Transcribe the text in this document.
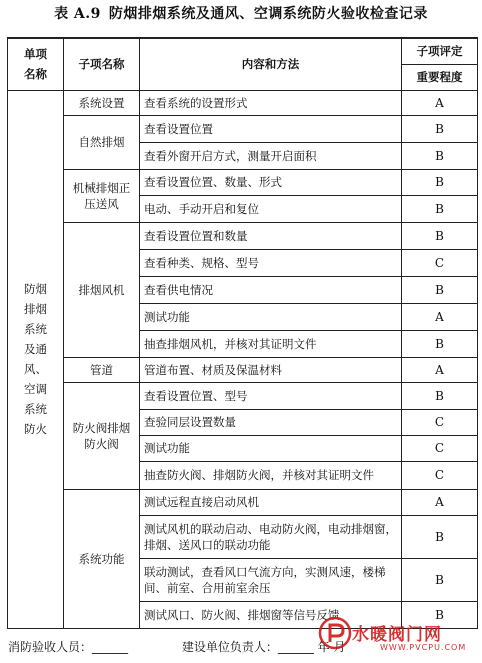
表 A.9 防烟排烟系统及通风、空调系统防火验收检查记录
单项名称	子项名称	内容和方法	子项评定
			重要程度

防烟排烟系统及通风、空调系统防火	系统设置	查看系统的设置形式	A
	自然排烟	查看设置位置	B
		查看外窗开启方式，测量开启面积	B
	机械排烟正压送风	查看设置位置、数量、形式	B
		电动、手动开启和复位	B
	排烟风机	查看设置位置和数量	B
		查看种类、规格、型号	C
		查看供电情况	B
		测试功能	A
		抽查排烟风机，并核对其证明文件	B
	管道	管道布置、材质及保温材料	A
	防火阀排烟防火阀	查看设置位置、型号	B
		查验同层设置数量	C
		测试功能	C
		抽查防火阀、排烟防火阀，并核对其证明文件	C
	系统功能	测试远程直接启动风机	A
		测试风机的联动启动、电动防火阀，电动排烟窗，排烟、送风口的联动功能	B
		联动测试，查看风口气流方向，实测风速，楼梯间、前室、合用前室余压	B
		测试风口、防火阀、排烟窗等信号反馈	B
消防验收人员：______	建设单位负责人：______ 年 月
水暖阀门网
WWW.PVCPU.COM
